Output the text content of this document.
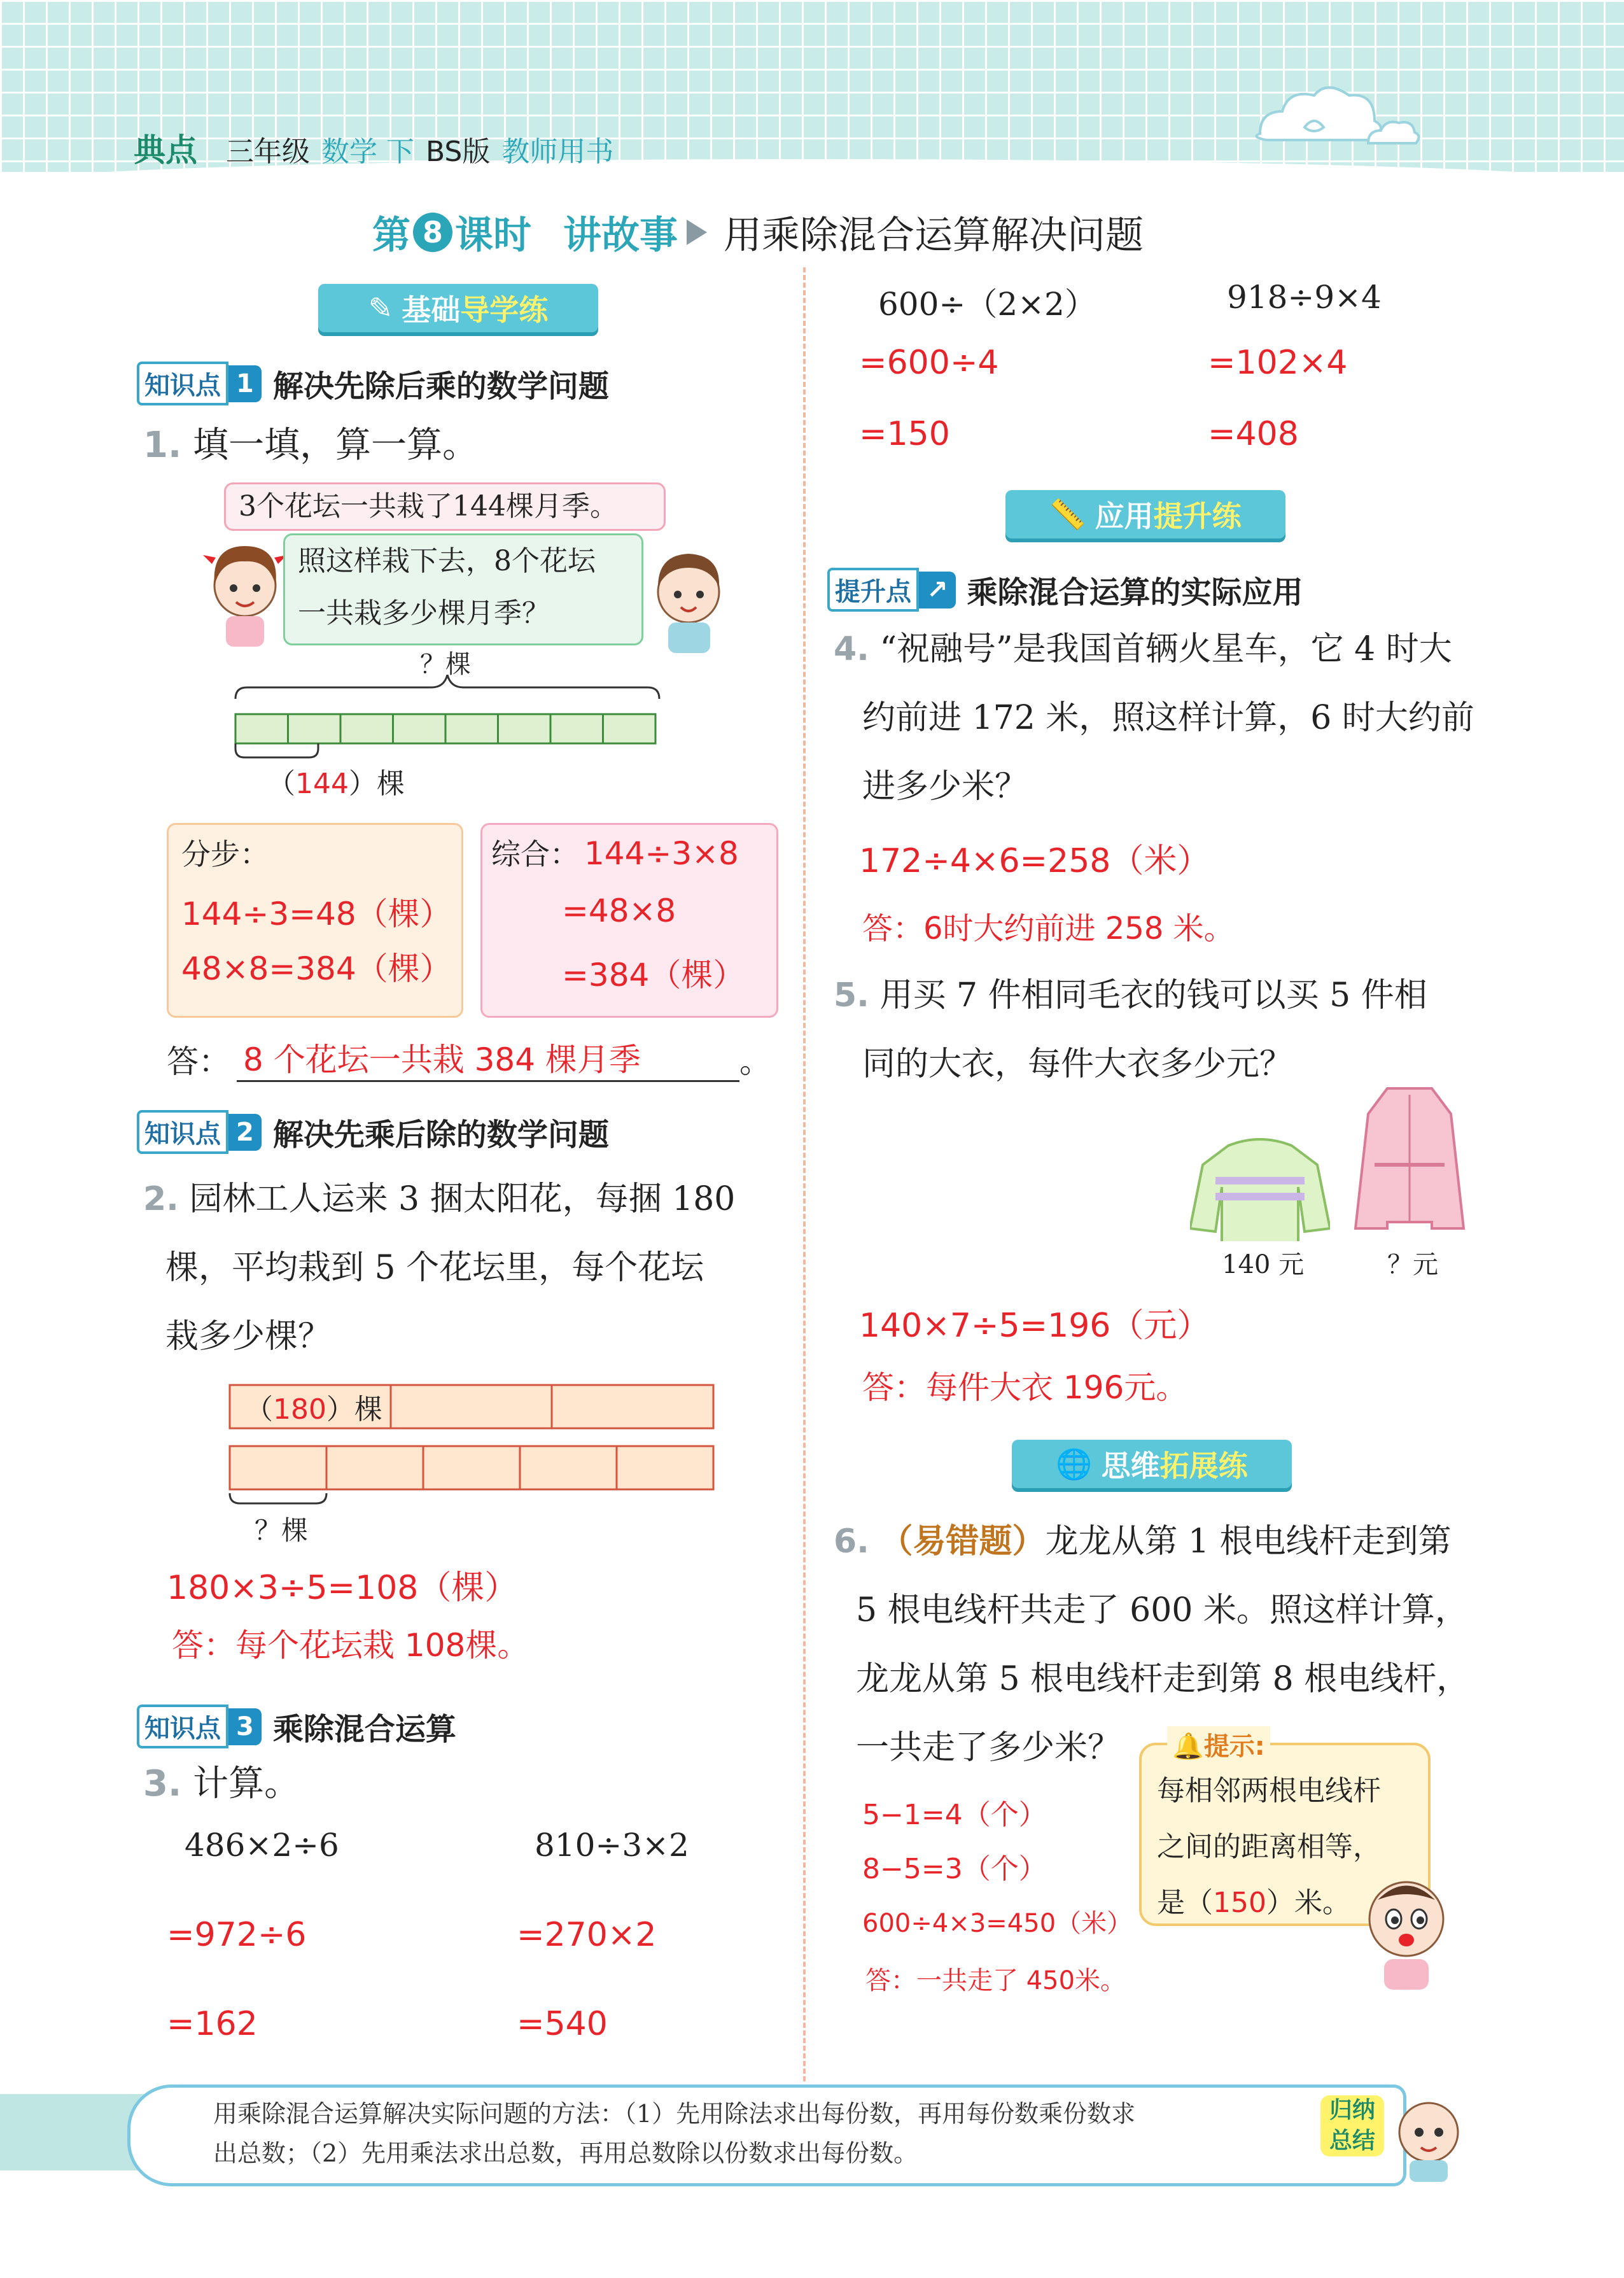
典点 三年级 数学 下 BS版 教师用书
第 8 课时 讲故事 用乘除混合运算解决问题
✎ 基础 导学练
知识点 1 解决先除后乘的数学问题
1. 填一填，算一算。
3个花坛一共栽了144棵月季。
照这样栽下去，8个花坛
一共栽多少棵月季？
？棵
（144）棵
分步：
144÷3=48（棵）
48×8=384（棵）
综合： 144÷3×8
=48×8
=384（棵）
答： 8 个花坛一共栽 384 棵月季	。
知识点 2 解决先乘后除的数学问题
2. 园林工人运来 3 捆太阳花，每捆 180
棵，平均栽到 5 个花坛里，每个花坛
栽多少棵？
（180）棵
？棵
180×3÷5=108（棵）
答：每个花坛栽 108棵。
知识点 3 乘除混合运算
3. 计算。
486×2÷6
=972÷6
=162
810÷3×2
=270×2
=540
600÷（2×2）
=600÷4
=150
918÷9×4
=102×4
=408
📏 应用 提升练
提升点 ↗ 乘除混合运算的实际应用
4. “祝融号”是我国首辆火星车，它 4 时大
约前进 172 米，照这样计算，6 时大约前
进多少米？
172÷4×6=258（米）
答：6时大约前进 258 米。
5. 用买 7 件相同毛衣的钱可以买 5 件相
同的大衣，每件大衣多少元？
140 元	？元
140×7÷5=196（元）
答：每件大衣 196元。
🌐 思维 拓展练
6. （易错题）龙龙从第 1 根电线杆走到第
5 根电线杆共走了 600 米。照这样计算，
龙龙从第 5 根电线杆走到第 8 根电线杆，
一共走了多少米？
5−1=4（个）
8−5=3（个）
600÷4×3=450（米）
答：一共走了 450米。
🔔提示:
每相邻两根电线杆
之间的距离相等，
是（150）米。
用乘除混合运算解决实际问题的方法：（1）先用除法求出每份数，再用每份数乘份数求
出总数；（2）先用乘法求出总数，再用总数除以份数求出每份数。
归纳
总结
